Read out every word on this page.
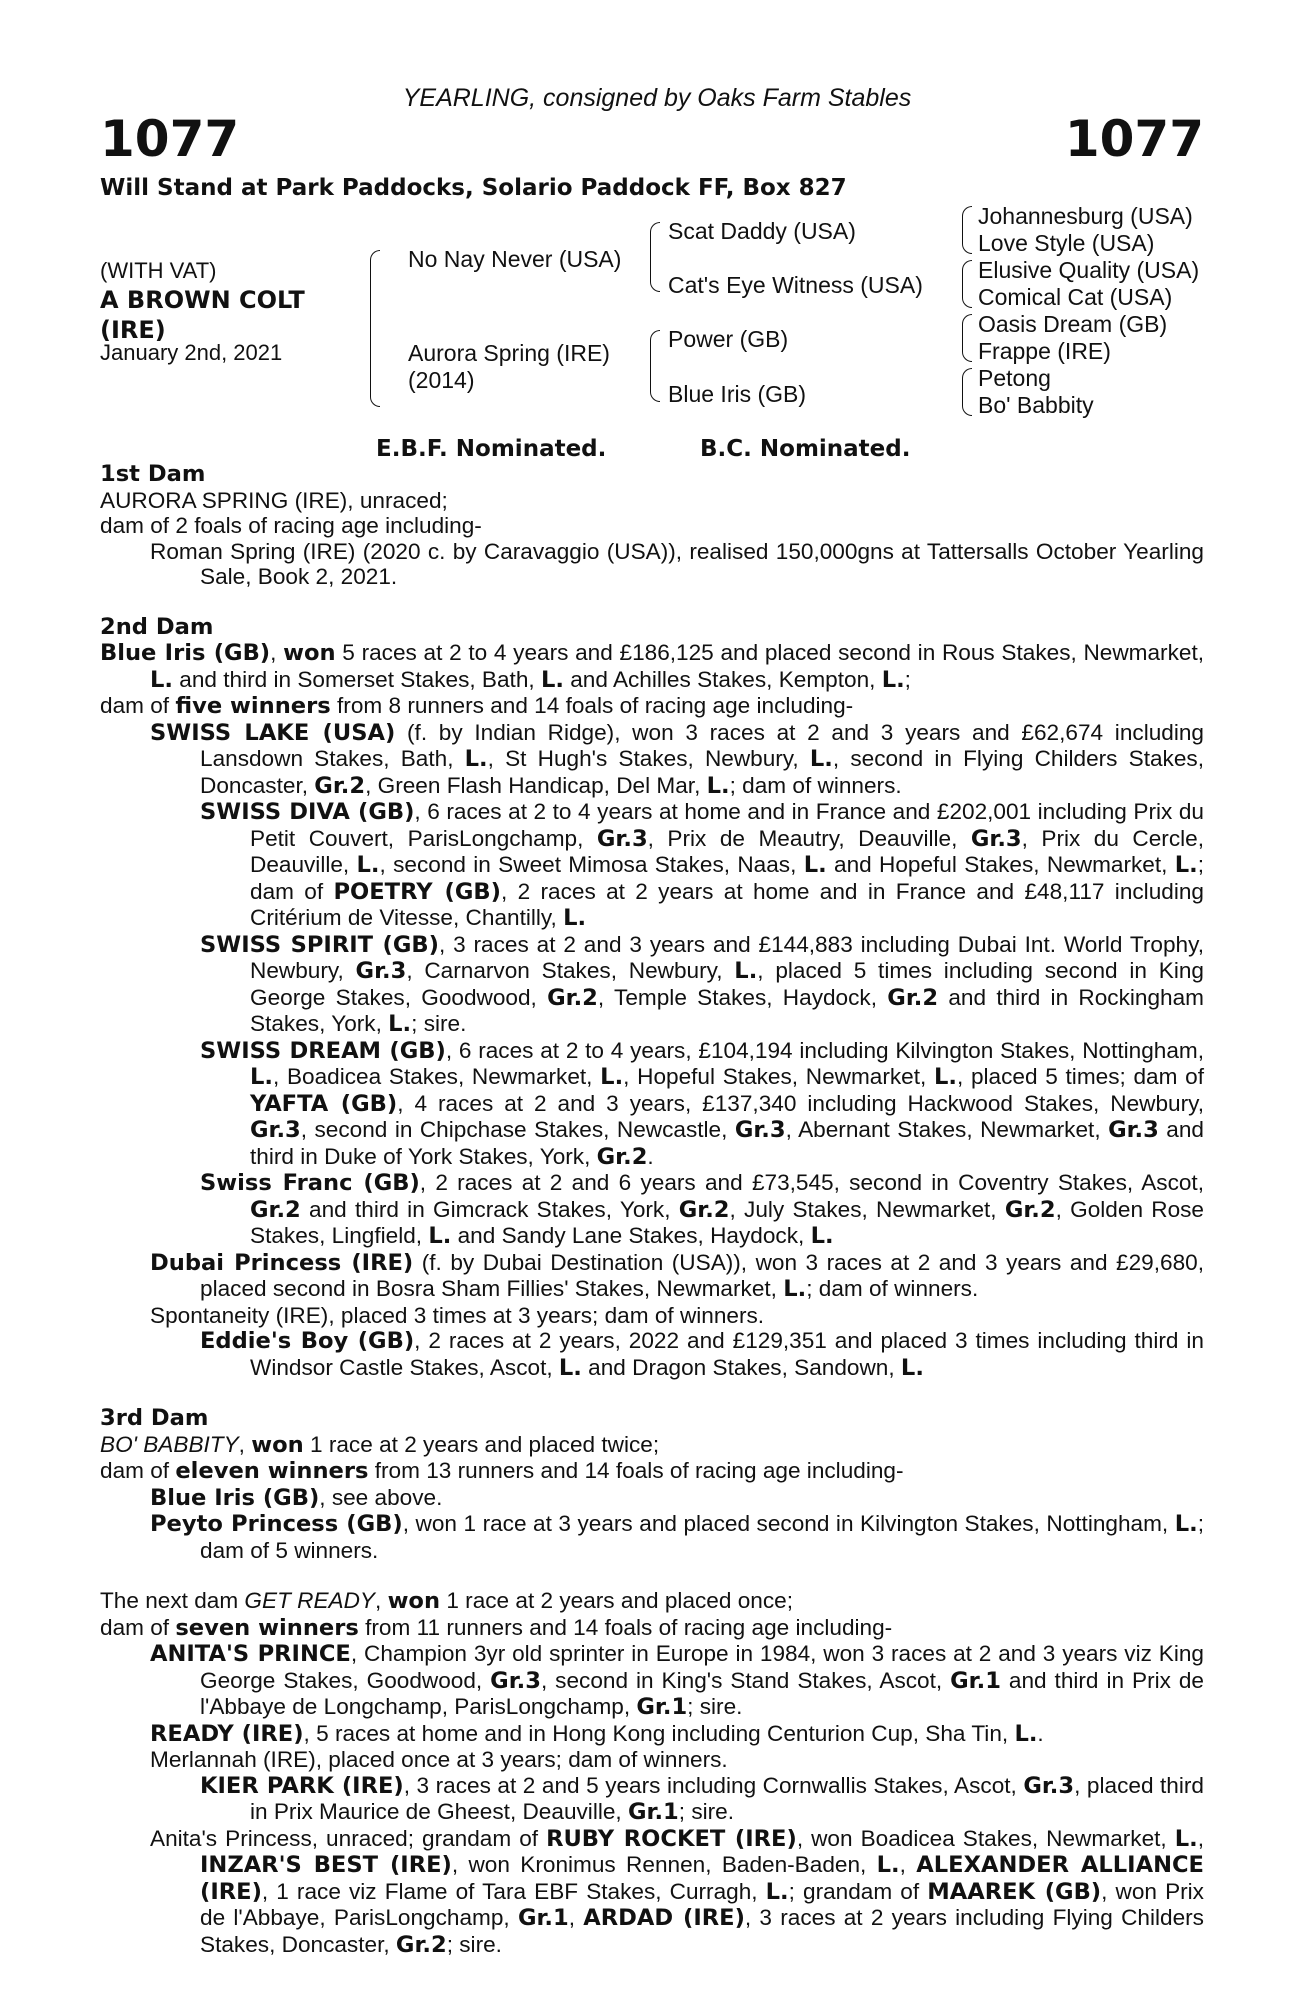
YEARLING, consigned by Oaks Farm Stables
1077	1077
Will Stand at Park Paddocks, Solario Paddock FF, Box 827
(WITH VAT)
A BROWN COLT
(IRE)
January 2nd, 2021
No Nay Never (USA)
Aurora Spring (IRE)
(2014)
Scat Daddy (USA)
Cat's Eye Witness (USA)
Power (GB)
Blue Iris (GB)
Johannesburg (USA)
Love Style (USA)
Elusive Quality (USA)
Comical Cat (USA)
Oasis Dream (GB)
Frappe (IRE)
Petong
Bo' Babbity
E.B.F. Nominated.	B.C. Nominated.

1st Dam

AURORA SPRING (IRE), unraced;

dam of 2 foals of racing age including-

Roman Spring (IRE) (2020 c. by Caravaggio (USA)), realised 150,000gns at Tattersalls October Yearling Sale, Book 2, 2021.

2nd Dam

Blue Iris (GB), won 5 races at 2 to 4 years and £186,125 and placed second in Rous Stakes, Newmarket, L. and third in Somerset Stakes, Bath, L. and Achilles Stakes, Kempton, L.;

dam of five winners from 8 runners and 14 foals of racing age including-

SWISS LAKE (USA) (f. by Indian Ridge), won 3 races at 2 and 3 years and £62,674 including Lansdown Stakes, Bath, L., St Hugh's Stakes, Newbury, L., second in Flying Childers Stakes, Doncaster, Gr.2, Green Flash Handicap, Del Mar, L.; dam of winners.

SWISS DIVA (GB), 6 races at 2 to 4 years at home and in France and £202,001 including Prix du Petit Couvert, ParisLongchamp, Gr.3, Prix de Meautry, Deauville, Gr.3, Prix du Cercle, Deauville, L., second in Sweet Mimosa Stakes, Naas, L. and Hopeful Stakes, Newmarket, L.; dam of POETRY (GB), 2 races at 2 years at home and in France and £48,117 including Critérium de Vitesse, Chantilly, L.

SWISS SPIRIT (GB), 3 races at 2 and 3 years and £144,883 including Dubai Int. World Trophy, Newbury, Gr.3, Carnarvon Stakes, Newbury, L., placed 5 times including second in King George Stakes, Goodwood, Gr.2, Temple Stakes, Haydock, Gr.2 and third in Rockingham Stakes, York, L.; sire.

SWISS DREAM (GB), 6 races at 2 to 4 years, £104,194 including Kilvington Stakes, Nottingham, L., Boadicea Stakes, Newmarket, L., Hopeful Stakes, Newmarket, L., placed 5 times; dam of YAFTA (GB), 4 races at 2 and 3 years, £137,340 including Hackwood Stakes, Newbury, Gr.3, second in Chipchase Stakes, Newcastle, Gr.3, Abernant Stakes, Newmarket, Gr.3 and third in Duke of York Stakes, York, Gr.2.

Swiss Franc (GB), 2 races at 2 and 6 years and £73,545, second in Coventry Stakes, Ascot, Gr.2 and third in Gimcrack Stakes, York, Gr.2, July Stakes, Newmarket, Gr.2, Golden Rose Stakes, Lingfield, L. and Sandy Lane Stakes, Haydock, L.

Dubai Princess (IRE) (f. by Dubai Destination (USA)), won 3 races at 2 and 3 years and £29,680, placed second in Bosra Sham Fillies' Stakes, Newmarket, L.; dam of winners.

Spontaneity (IRE), placed 3 times at 3 years; dam of winners.

Eddie's Boy (GB), 2 races at 2 years, 2022 and £129,351 and placed 3 times including third in Windsor Castle Stakes, Ascot, L. and Dragon Stakes, Sandown, L.

3rd Dam

BO' BABBITY, won 1 race at 2 years and placed twice;

dam of eleven winners from 13 runners and 14 foals of racing age including-

Blue Iris (GB), see above.

Peyto Princess (GB), won 1 race at 3 years and placed second in Kilvington Stakes, Nottingham, L.; dam of 5 winners.

The next dam GET READY, won 1 race at 2 years and placed once;

dam of seven winners from 11 runners and 14 foals of racing age including-

ANITA'S PRINCE, Champion 3yr old sprinter in Europe in 1984, won 3 races at 2 and 3 years viz King George Stakes, Goodwood, Gr.3, second in King's Stand Stakes, Ascot, Gr.1 and third in Prix de l'Abbaye de Longchamp, ParisLongchamp, Gr.1; sire.

READY (IRE), 5 races at home and in Hong Kong including Centurion Cup, Sha Tin, L..

Merlannah (IRE), placed once at 3 years; dam of winners.

KIER PARK (IRE), 3 races at 2 and 5 years including Cornwallis Stakes, Ascot, Gr.3, placed third in Prix Maurice de Gheest, Deauville, Gr.1; sire.

Anita's Princess, unraced; grandam of RUBY ROCKET (IRE), won Boadicea Stakes, Newmarket, L., INZAR'S BEST (IRE), won Kronimus Rennen, Baden-Baden, L., ALEXANDER ALLIANCE (IRE), 1 race viz Flame of Tara EBF Stakes, Curragh, L.; grandam of MAAREK (GB), won Prix de l'Abbaye, ParisLongchamp, Gr.1, ARDAD (IRE), 3 races at 2 years including Flying Childers Stakes, Doncaster, Gr.2; sire.
